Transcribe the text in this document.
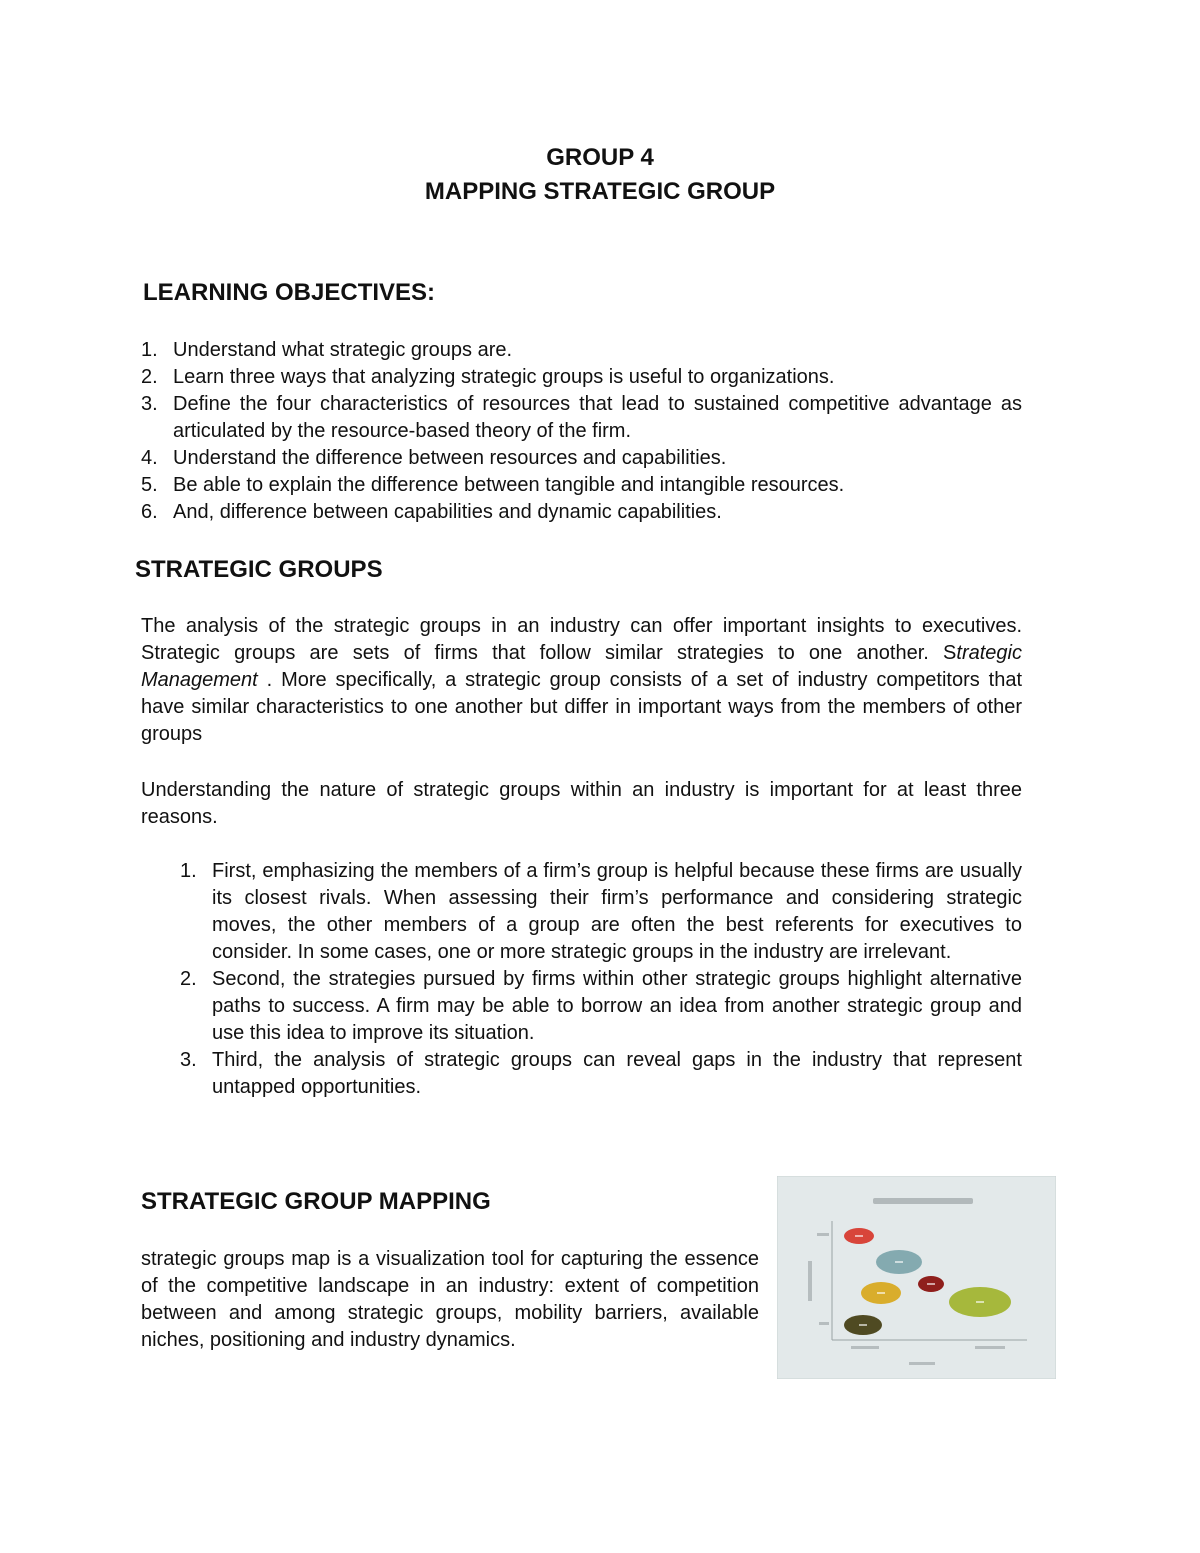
GROUP 4
MAPPING STRATEGIC GROUP
LEARNING OBJECTIVES:
1. Understand what strategic groups are.
2. Learn three ways that analyzing strategic groups is useful to organizations.
3. Define the four characteristics of resources that lead to sustained competitive advantage as articulated by the resource-based theory of the firm.
4. Understand the difference between resources and capabilities.
5. Be able to explain the difference between tangible and intangible resources.
6. And, difference between capabilities and dynamic capabilities.
STRATEGIC GROUPS

The analysis of the strategic groups in an industry can offer important insights to executives. Strategic groups are sets of firms that follow similar strategies to one another. Strategic Management . More specifically, a strategic group consists of a set of industry competitors that have similar characteristics to one another but differ in important ways from the members of other groups

Understanding the nature of strategic groups within an industry is important for at least three reasons.

1. First, emphasizing the members of a firm’s group is helpful because these firms are usually its closest rivals. When assessing their firm’s performance and considering strategic moves, the other members of a group are often the best referents for executives to consider. In some cases, one or more strategic groups in the industry are irrelevant.
2. Second, the strategies pursued by firms within other strategic groups highlight alternative paths to success. A firm may be able to borrow an idea from another strategic group and use this idea to improve its situation.
3. Third, the analysis of strategic groups can reveal gaps in the industry that represent untapped opportunities.
STRATEGIC GROUP MAPPING

strategic groups map is a visualization tool for capturing the essence of the competitive landscape in an industry: extent of competition between and among strategic groups, mobility barriers, available niches, positioning and industry dynamics.
